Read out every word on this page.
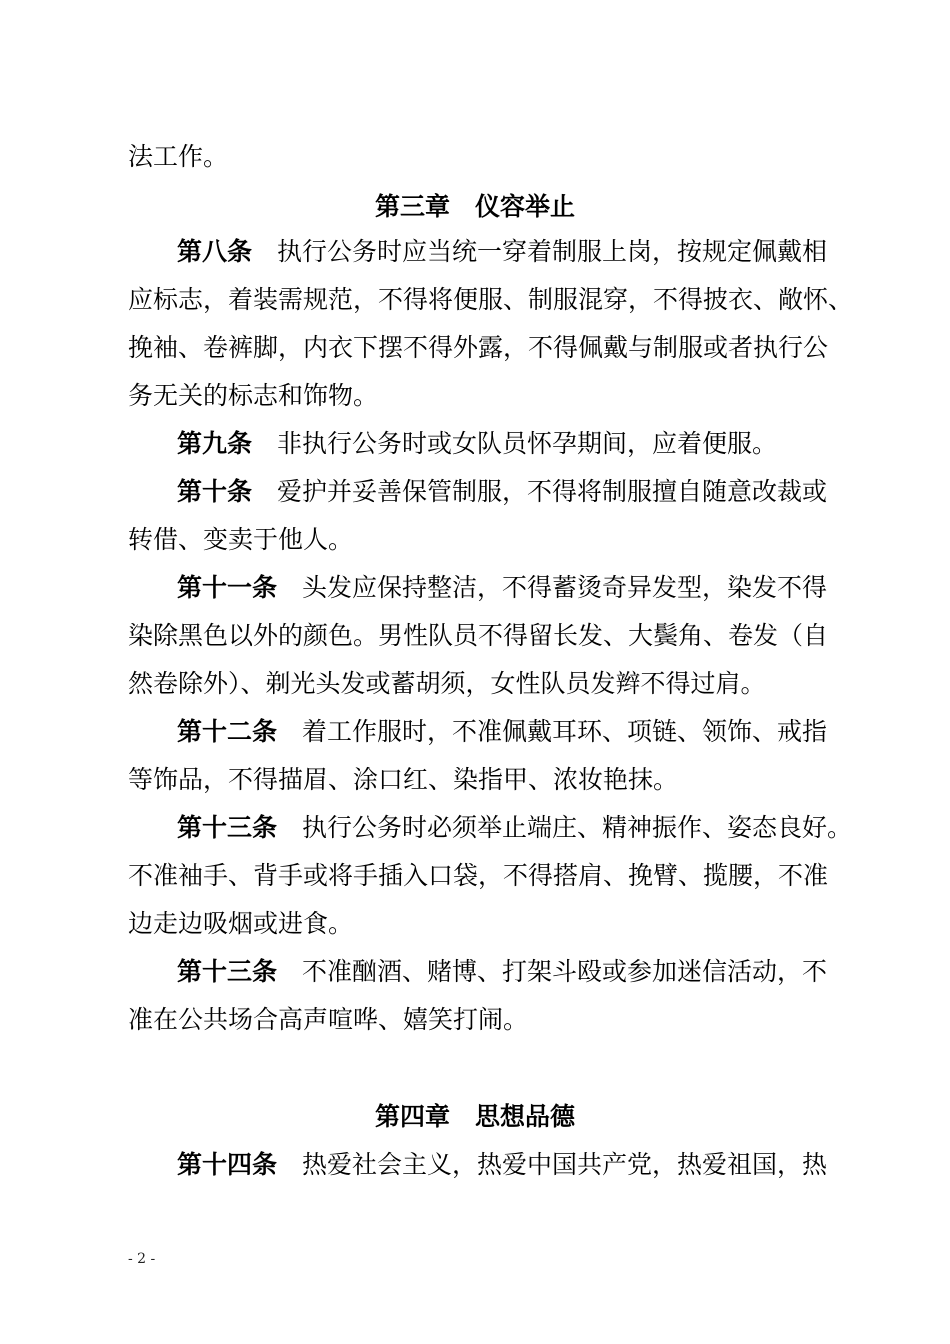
法工作。
第三章　仪容举止
第八条 执行公务时应当统一穿着制服上岗，按规定佩戴相
应标志，着装需规范，不得将便服、制服混穿，不得披衣、敞怀、
挽袖、卷裤脚，内衣下摆不得外露，不得佩戴与制服或者执行公
务无关的标志和饰物。
第九条 非执行公务时或女队员怀孕期间，应着便服。
第十条 爱护并妥善保管制服，不得将制服擅自随意改裁或
转借、变卖于他人。
第十一条 头发应保持整洁，不得蓄烫奇异发型，染发不得
染除黑色以外的颜色。男性队员不得留长发、大鬓角、卷发（自
然卷除外）、剃光头发或蓄胡须，女性队员发辫不得过肩。
第十二条 着工作服时，不准佩戴耳环、项链、领饰、戒指
等饰品，不得描眉、涂口红、染指甲、浓妆艳抹。
第十三条 执行公务时必须举止端庄、精神振作、姿态良好。
不准袖手、背手或将手插入口袋，不得搭肩、挽臂、揽腰，不准
边走边吸烟或进食。
第十三条 不准酗酒、赌博、打架斗殴或参加迷信活动，不
准在公共场合高声喧哗、嬉笑打闹。
第四章　思想品德
第十四条 热爱社会主义，热爱中国共产党，热爱祖国，热
- 2 -
